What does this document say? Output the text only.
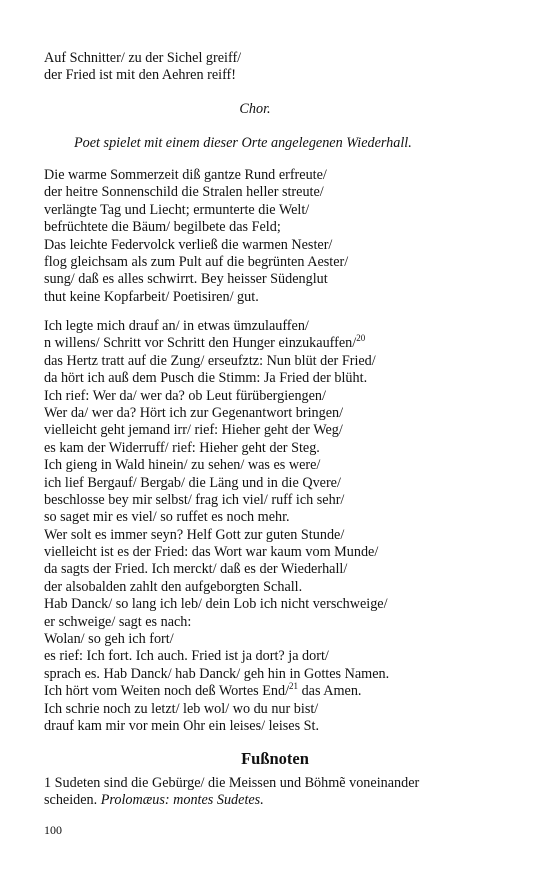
Auf Schnitter/ zu der Sichel greiff/
der Fried ist mit den Aehren reiff!
Chor.
Poet spielet mit einem dieser Orte angelegenen Wiederhall.
Die warme Sommerzeit diß gantze Rund erfreute/
der heitre Sonnenschild die Stralen heller streute/
verlängte Tag und Liecht; ermunterte die Welt/
befrüchtete die Bäum/ begilbete das Feld;
Das leichte Federvolck verließ die warmen Nester/
flog gleichsam als zum Pult auf die begrünten Aester/
sung/ daß es alles schwirrt. Bey heisser Südenglut
thut keine Kopfarbeit/ Poetisiren/ gut.
Ich legte mich drauf an/ in etwas ümzulauffen/
n willens/ Schritt vor Schritt den Hunger einzukauffen/$^{20}$
das Hertz tratt auf die Zung/ erseufztz: Nun blüt der Fried/
da hört ich auß dem Pusch die Stimm: Ja Fried der blüht.
Ich rief: Wer da/ wer da? ob Leut fürübergiengen/
Wer da/ wer da? Hört ich zur Gegenantwort bringen/
vielleicht geht jemand irr/ rief: Hieher geht der Weg/
es kam der Widerruff/ rief: Hieher geht der Steg.
Ich gieng in Wald hinein/ zu sehen/ was es were/
ich lief Bergauf/ Bergab/ die Läng und in die Qvere/
beschlosse bey mir selbst/ frag ich viel/ ruff ich sehr/
so saget mir es viel/ so ruffet es noch mehr.
Wer solt es immer seyn? Helf Gott zur guten Stunde/
vielleicht ist es der Fried: das Wort war kaum vom Munde/
da sagts der Fried. Ich merckt/ daß es der Wiederhall/
der alsobalden zahlt den aufgeborgten Schall.
Hab Danck/ so lang ich leb/ dein Lob ich nicht verschweige/
er schweige/ sagt es nach:
Wolan/ so geh ich fort/
es rief: Ich fort. Ich auch. Fried ist ja dort? ja dort/
sprach es. Hab Danck/ hab Danck/ geh hin in Gottes Namen.
Ich hört vom Weiten noch deß Wortes End/$^{21}$ das Amen.
Ich schrie noch zu letzt/ leb wol/ wo du nur bist/
drauf kam mir vor mein Ohr ein leises/ leises St.
Fußnoten
1 Sudeten sind die Gebürge/ die Meissen und Böhmẽ voneinander
scheiden. Prolomæus: montes Sudetes.
100
